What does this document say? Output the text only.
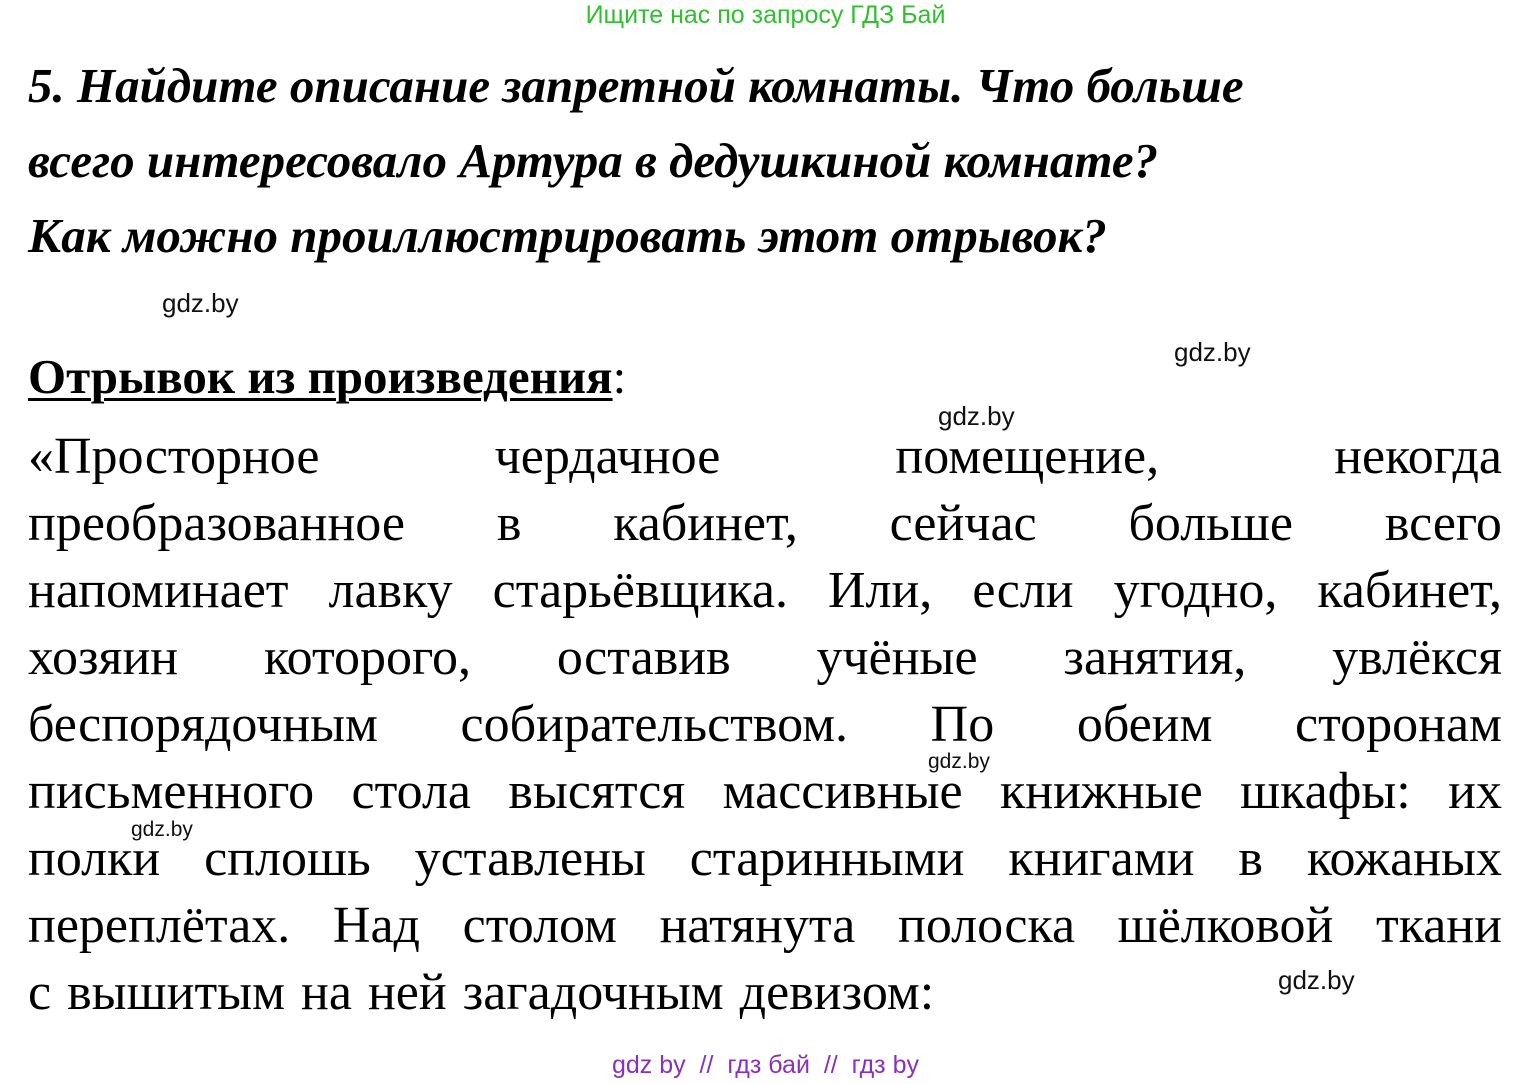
Ищите нас по запросу ГДЗ Бай
5. Найдите описание запретной комнаты. Что больше
всего интересовало Артура в дедушкиной комнате?
Как можно проиллюстрировать этот отрывок?
Отрывок из произведения:
«Просторное	чердачное	помещение,	некогда
преобразованное в кабинет, сейчас больше всего
напоминает лавку старьёвщика. Или, если угодно, кабинет,
хозяин которого, оставив учёные занятия, увлёкся
беспорядочным собирательством. По обеим сторонам
письменного стола высятся массивные книжные шкафы: их
полки сплошь уставлены старинными книгами в кожаных
переплётах. Над столом натянута полоска шёлковой ткани
с вышитым на ней загадочным девизом:
gdz.by
gdz.by
gdz.by
gdz.by
gdz.by
gdz.by
gdz by  //  гдз бай  //  гдз by
